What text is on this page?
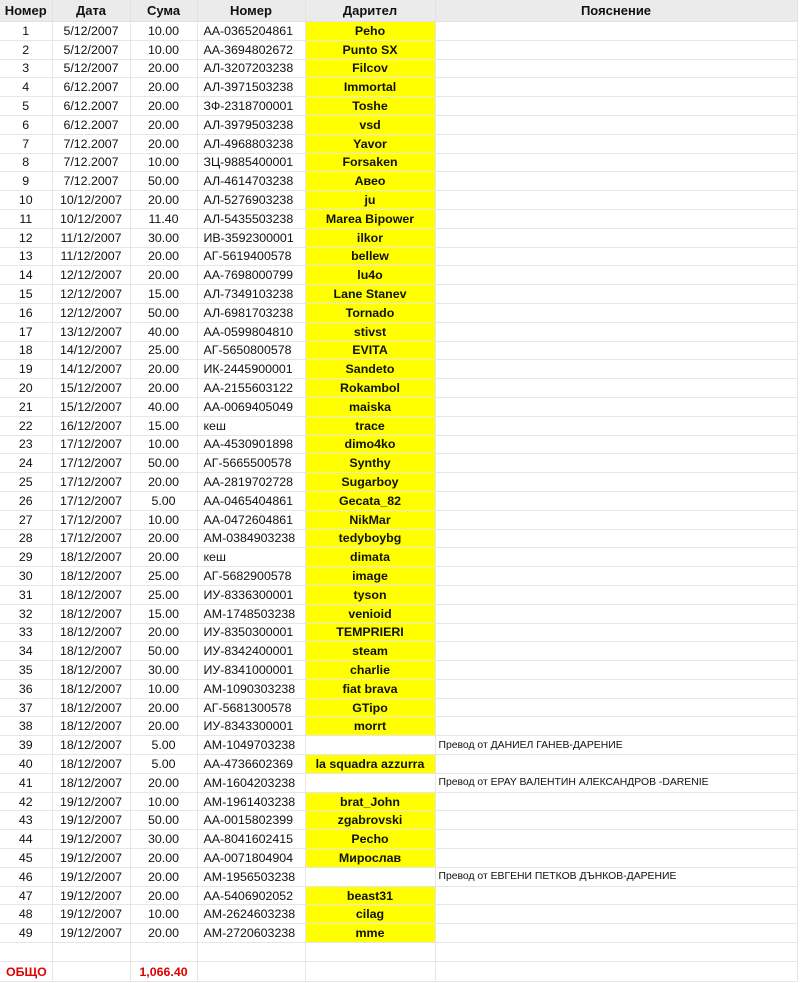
Номер	Дата	Сума	Номер	Дарител	Пояснение
1	5/12/2007	10.00	АА-0365204861	Peho	
2	5/12/2007	10.00	АА-3694802672	Punto SX	
3	5/12/2007	20.00	АЛ-3207203238	Filcov	
4	6/12.2007	20.00	АЛ-3971503238	Immortal	
5	6/12.2007	20.00	ЗФ-2318700001	Toshe	
6	6/12.2007	20.00	АЛ-3979503238	vsd	
7	7/12.2007	20.00	АЛ-4968803238	Yavor	
8	7/12.2007	10.00	ЗЦ-9885400001	Forsaken	
9	7/12.2007	50.00	АЛ-4614703238	Aвео	
10	10/12/2007	20.00	АЛ-5276903238	ju	
11	10/12/2007	11.40	АЛ-5435503238	Marea Bipower	
12	11/12/2007	30.00	ИВ-3592300001	ilkor	
13	11/12/2007	20.00	АГ-5619400578	bellew	
14	12/12/2007	20.00	АА-7698000799	lu4o	
15	12/12/2007	15.00	АЛ-7349103238	Lane Stanev	
16	12/12/2007	50.00	АЛ-6981703238	Tornado	
17	13/12/2007	40.00	АА-0599804810	stivst	
18	14/12/2007	25.00	АГ-5650800578	EVITA	
19	14/12/2007	20.00	ИК-2445900001	Sandeto	
20	15/12/2007	20.00	АА-2155603122	Rokambol	
21	15/12/2007	40.00	АА-0069405049	maiska	
22	16/12/2007	15.00	кеш	trace	
23	17/12/2007	10.00	АА-4530901898	dimo4ko	
24	17/12/2007	50.00	АГ-5665500578	Synthy	
25	17/12/2007	20.00	АА-2819702728	Sugarboy	
26	17/12/2007	5.00	АА-0465404861	Gecata_82	
27	17/12/2007	10.00	АА-0472604861	NikMar	
28	17/12/2007	20.00	АМ-0384903238	tedyboybg	
29	18/12/2007	20.00	кеш	dimata	
30	18/12/2007	25.00	АГ-5682900578	image	
31	18/12/2007	25.00	ИУ-8336300001	tyson	
32	18/12/2007	15.00	АМ-1748503238	venioid	
33	18/12/2007	20.00	ИУ-8350300001	TEMPRIERI	
34	18/12/2007	50.00	ИУ-8342400001	steam	
35	18/12/2007	30.00	ИУ-8341000001	charlie	
36	18/12/2007	10.00	АМ-1090303238	fiat brava	
37	18/12/2007	20.00	АГ-5681300578	GTipo	
38	18/12/2007	20.00	ИУ-8343300001	morrt	
39	18/12/2007	5.00	АМ-1049703238		Превод от ДАНИЕЛ ГАНЕВ-ДАРЕНИЕ
40	18/12/2007	5.00	АА-4736602369	la squadra azzurra	
41	18/12/2007	20.00	АМ-1604203238		Превод от EPAY ВАЛЕНТИН АЛЕКСАНДРОВ -DARENIE
42	19/12/2007	10.00	АМ-1961403238	brat_John	
43	19/12/2007	50.00	АА-0015802399	zgabrovski	
44	19/12/2007	30.00	АА-8041602415	Pecho	
45	19/12/2007	20.00	АА-0071804904	Мирослав	
46	19/12/2007	20.00	АМ-1956503238		Превод от ЕВГЕНИ ПЕТКОВ ДЪНКОВ-ДАРЕНИЕ
47	19/12/2007	20.00	АА-5406902052	beast31	
48	19/12/2007	10.00	АМ-2624603238	cilag	
49	19/12/2007	20.00	АМ-2720603238	mme	

ОБЩО		1,066.40			
